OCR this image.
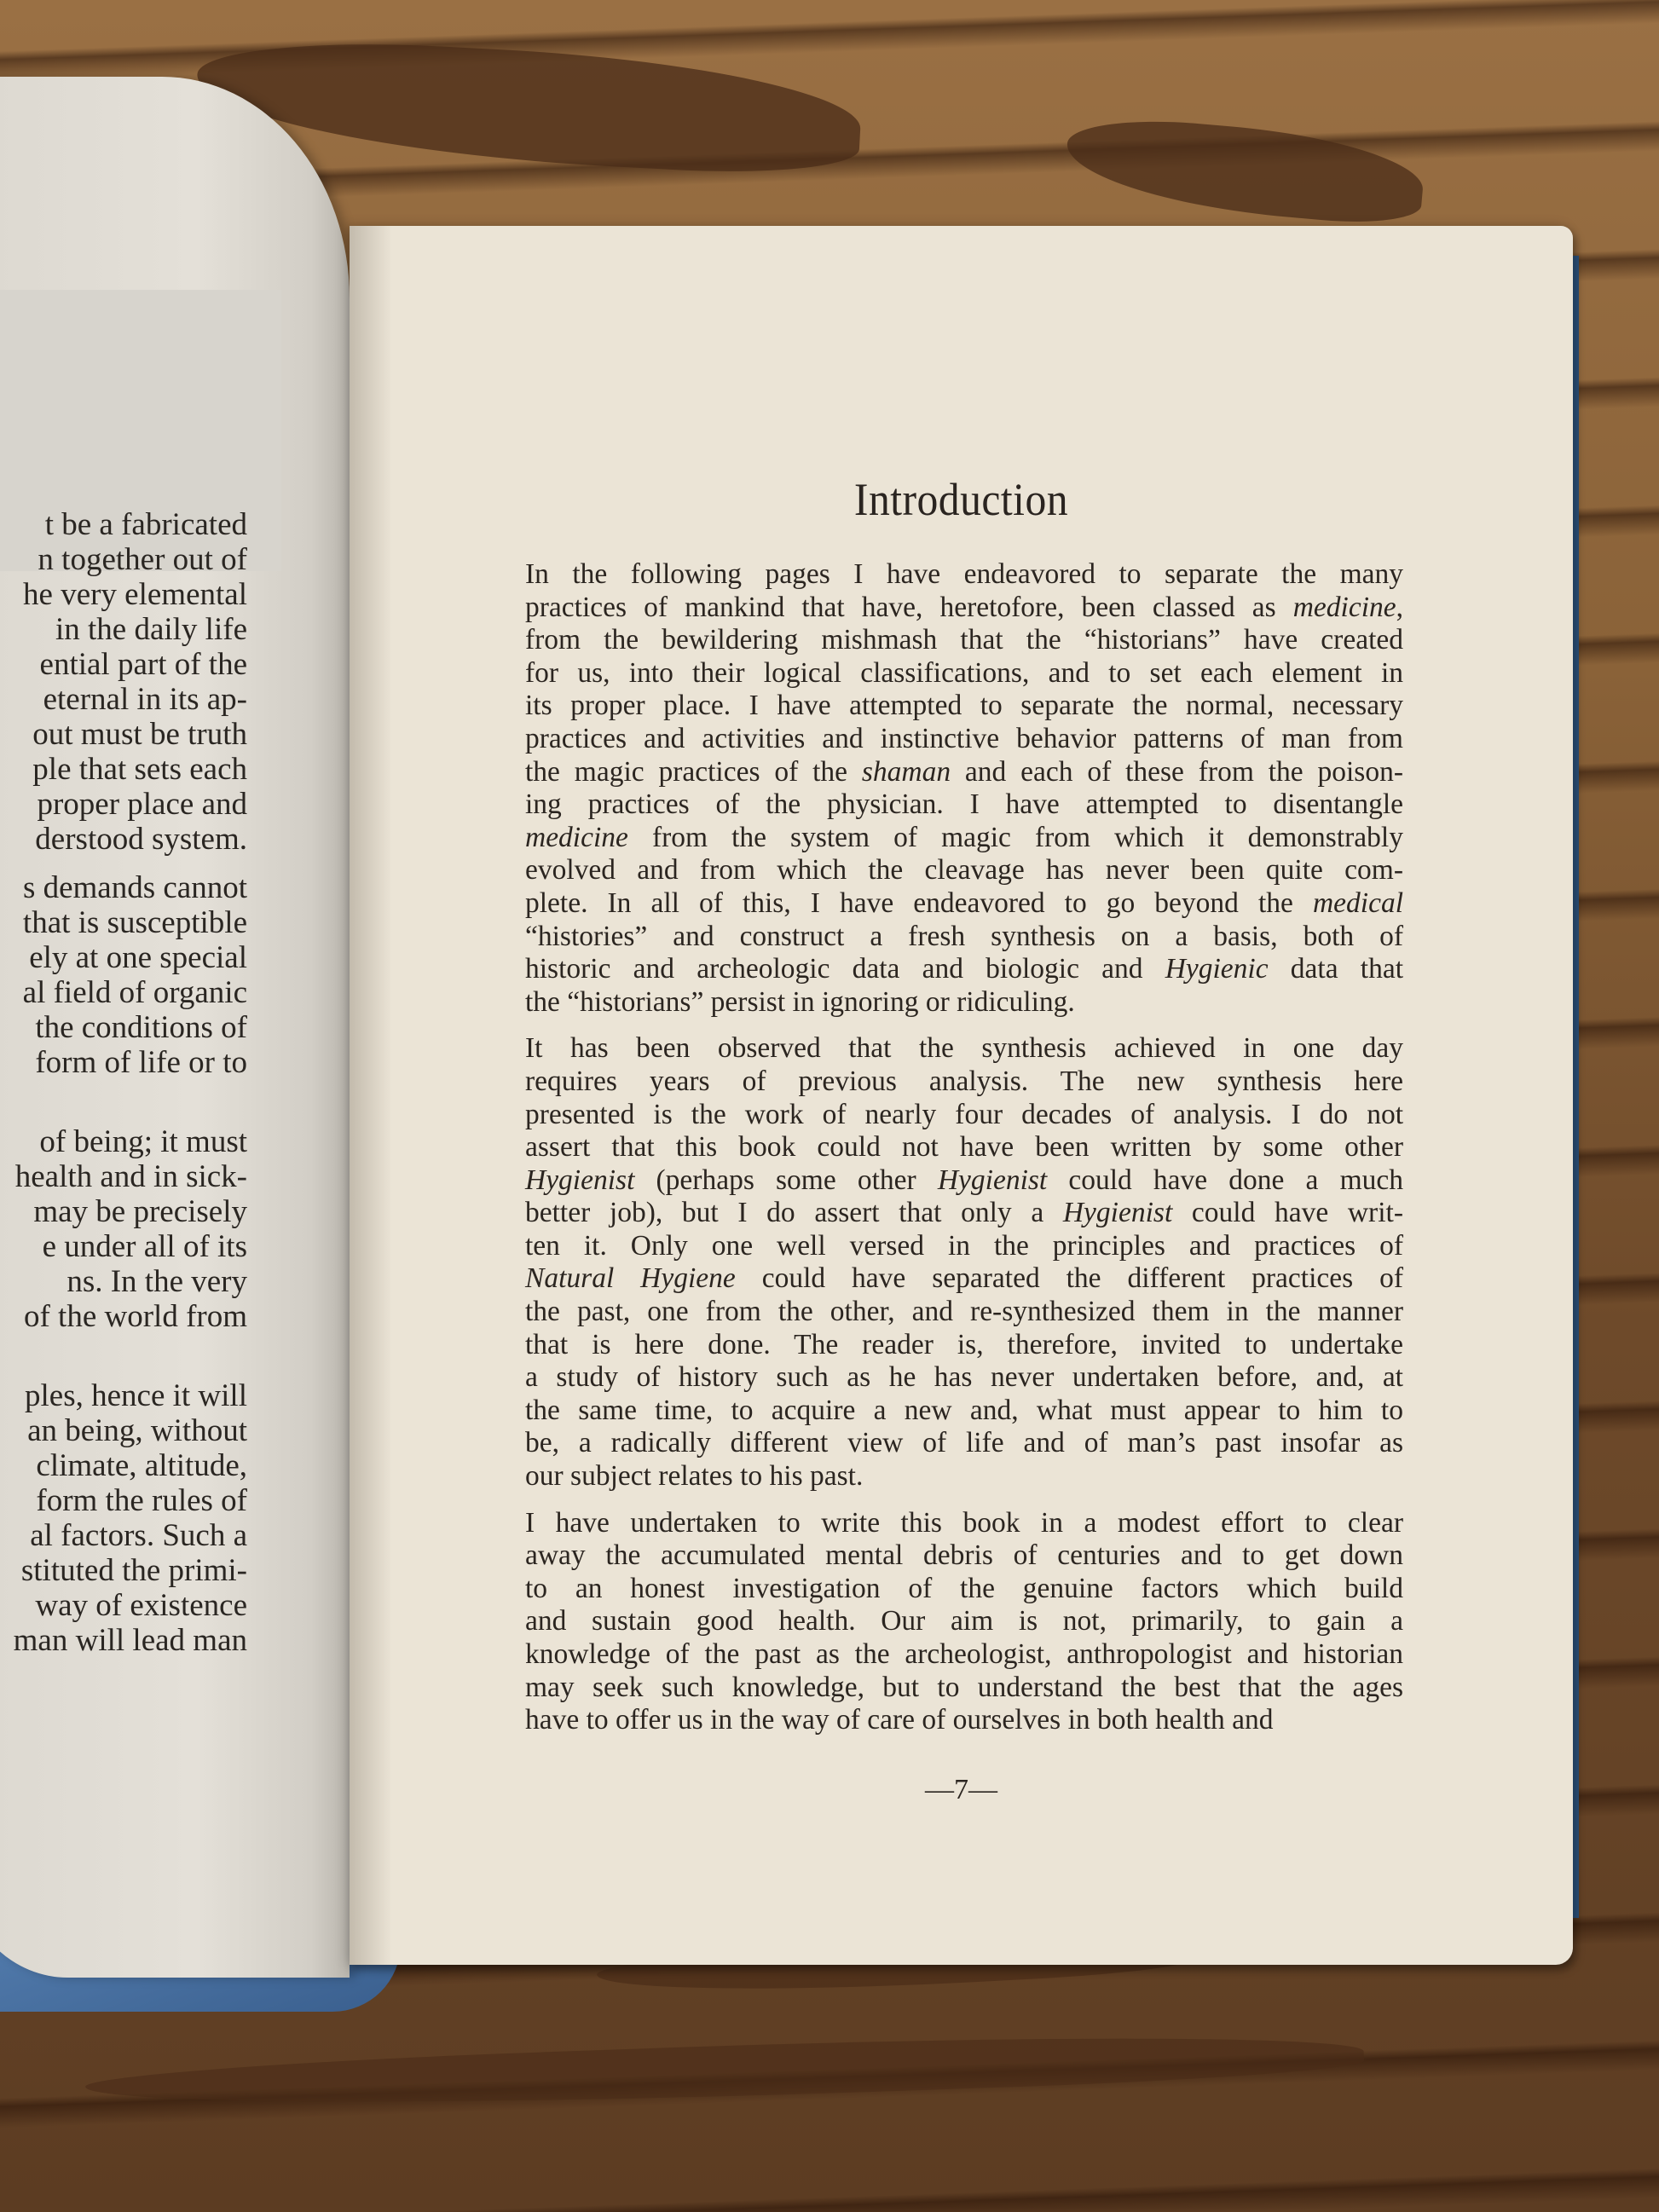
t be a fabricated
n together out of
he very elemental
in the daily life
ential part of the
eternal in its ap-
out must be truth
ple that sets each
proper place and
derstood system.
s demands cannot
that is susceptible
ely at one special
al field of organic
the conditions of
form of life or to
of being; it must
health and in sick-
may be precisely
e under all of its
ns. In the very
of the world from
ples, hence it will
an being, without
climate, altitude,
form the rules of
al factors. Such a
stituted the primi-
way of existence
man will lead man
Introduction
In the following pages I have endeavored to separate the many
practices of mankind that have, heretofore, been classed as medicine,
from the bewildering mishmash that the “historians” have created
for us, into their logical classifications, and to set each element in
its proper place. I have attempted to separate the normal, necessary
practices and activities and instinctive behavior patterns of man from
the magic practices of the shaman and each of these from the poison-
ing practices of the physician. I have attempted to disentangle
medicine from the system of magic from which it demonstrably
evolved and from which the cleavage has never been quite com-
plete. In all of this, I have endeavored to go beyond the medical
“histories” and construct a fresh synthesis on a basis, both of
historic and archeologic data and biologic and Hygienic data that
the “historians” persist in ignoring or ridiculing.
It has been observed that the synthesis achieved in one day
requires years of previous analysis. The new synthesis here
presented is the work of nearly four decades of analysis. I do not
assert that this book could not have been written by some other
Hygienist (perhaps some other Hygienist could have done a much
better job), but I do assert that only a Hygienist could have writ-
ten it. Only one well versed in the principles and practices of
Natural Hygiene could have separated the different practices of
the past, one from the other, and re-synthesized them in the manner
that is here done. The reader is, therefore, invited to undertake
a study of history such as he has never undertaken before, and, at
the same time, to acquire a new and, what must appear to him to
be, a radically different view of life and of man’s past insofar as
our subject relates to his past.
I have undertaken to write this book in a modest effort to clear
away the accumulated mental debris of centuries and to get down
to an honest investigation of the genuine factors which build
and sustain good health. Our aim is not, primarily, to gain a
knowledge of the past as the archeologist, anthropologist and historian
may seek such knowledge, but to understand the best that the ages
have to offer us in the way of care of ourselves in both health and
—7—
